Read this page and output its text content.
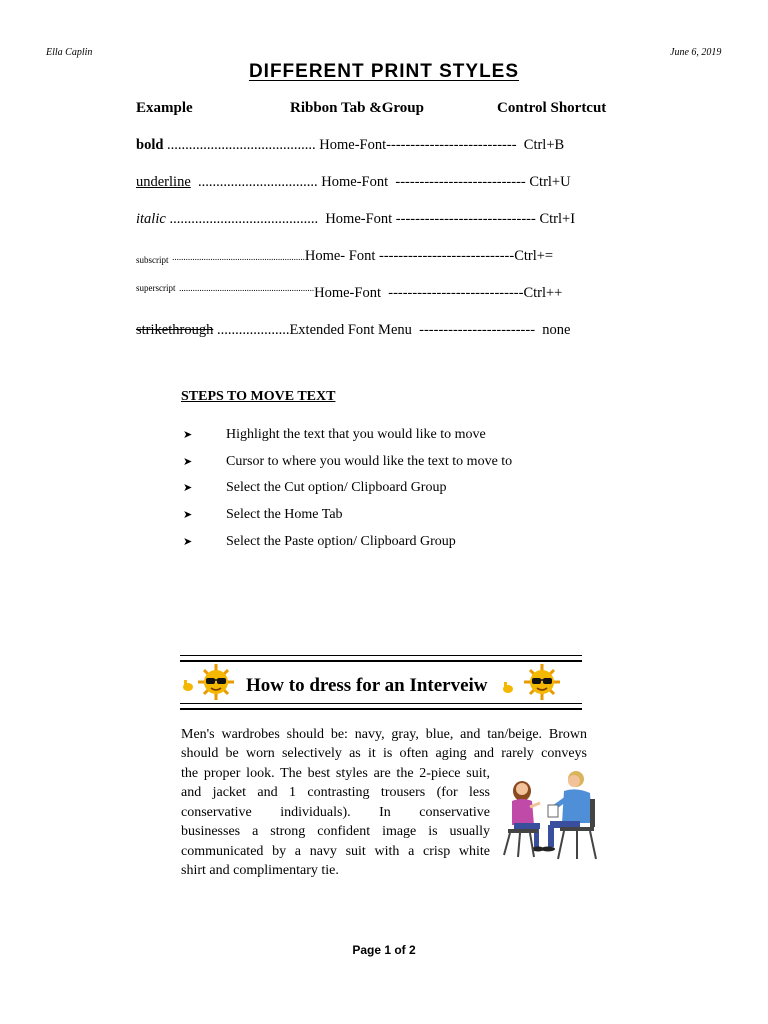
Ella Caplin	June 6, 2019
DIFFERENT PRINT STYLES
Example	Ribbon Tab &Group	Control Shortcut
bold ......................................... Home-Font--------------------------- Ctrl+B
underline ................................. Home-Font --------------------------- Ctrl+U
italic ......................................... Home-Font ----------------------------- Ctrl+I
$_{subscript}$ ...........................................................Home- Font ----------------------------Ctrl+=
$^{superscript}$ ............................................................Home-Font ----------------------------Ctrl++
strikethrough ....................Extended Font Menu ------------------------ none
STEPS TO MOVE TEXT
➤ Highlight the text that you would like to move
➤ Cursor to where you would like the text to move to
➤ Select the Cut option/ Clipboard Group
➤ Select the Home Tab
➤ Select the Paste option/ Clipboard Group
How to dress for an Interveiw
Men's wardrobes should be: navy, gray, blue, and tan/beige. Brown
should be worn selectively as it is often aging and rarely conveys
the proper look. The best styles are the 2-piece suit,
and jacket and 1 contrasting trousers (for less
conservative individuals). In conservative
businesses a strong confident image is usually
communicated by a navy suit with a crisp white
shirt and complimentary tie.
Page 1 of 2
